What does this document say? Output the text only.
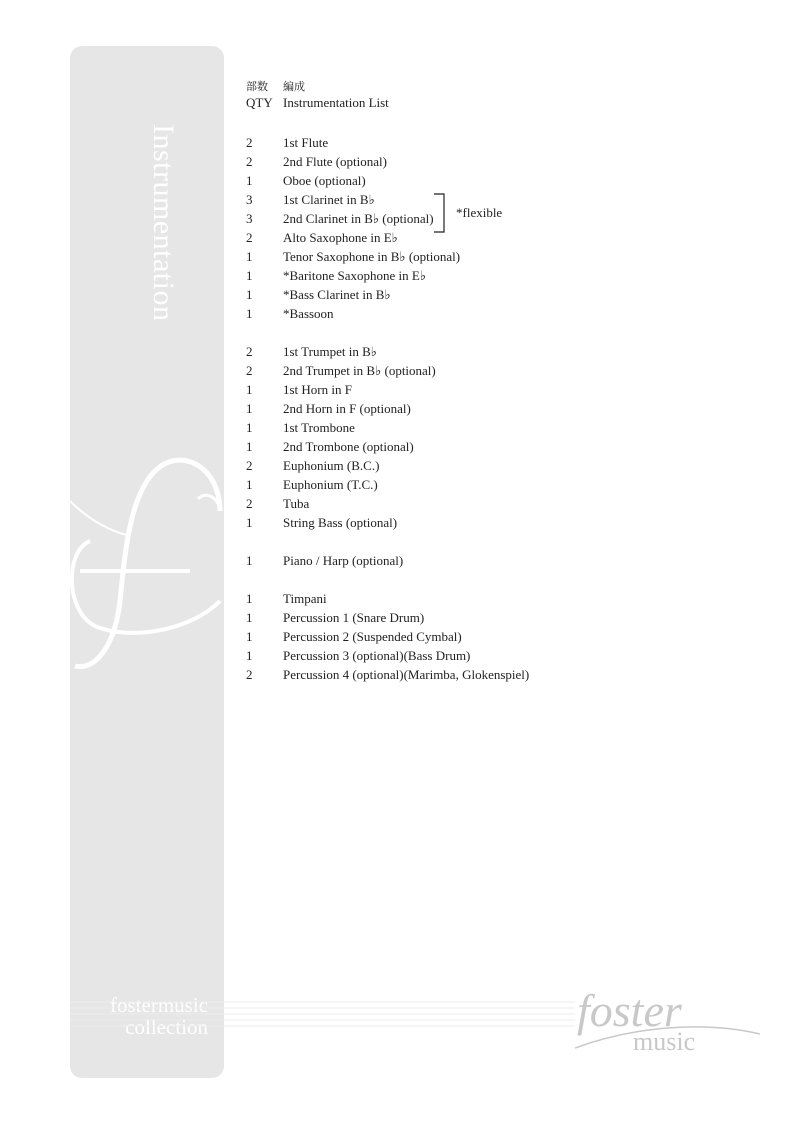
Instrumentation
fostermusic
collection
部数	編成
QTY Instrumentation List
2	1st Flute
2	2nd Flute (optional)
1	Oboe (optional)
3	1st Clarinet in B♭
3	2nd Clarinet in B♭ (optional)
2	Alto Saxophone in E♭
1	Tenor Saxophone in B♭ (optional)
1	*Baritone Saxophone in E♭
1	*Bass Clarinet in B♭
1	*Bassoon
2	1st Trumpet in B♭
2	2nd Trumpet in B♭ (optional)
1	1st Horn in F
1	2nd Horn in F (optional)
1	1st Trombone
1	2nd Trombone (optional)
2	Euphonium (B.C.)
1	Euphonium (T.C.)
2	Tuba
1	String Bass (optional)
1	Piano / Harp (optional)
1	Timpani
1	Percussion 1 (Snare Drum)
1	Percussion 2 (Suspended Cymbal)
1	Percussion 3 (optional)(Bass Drum)
2	Percussion 4 (optional)(Marimba, Glokenspiel)
*flexible
foster
music
